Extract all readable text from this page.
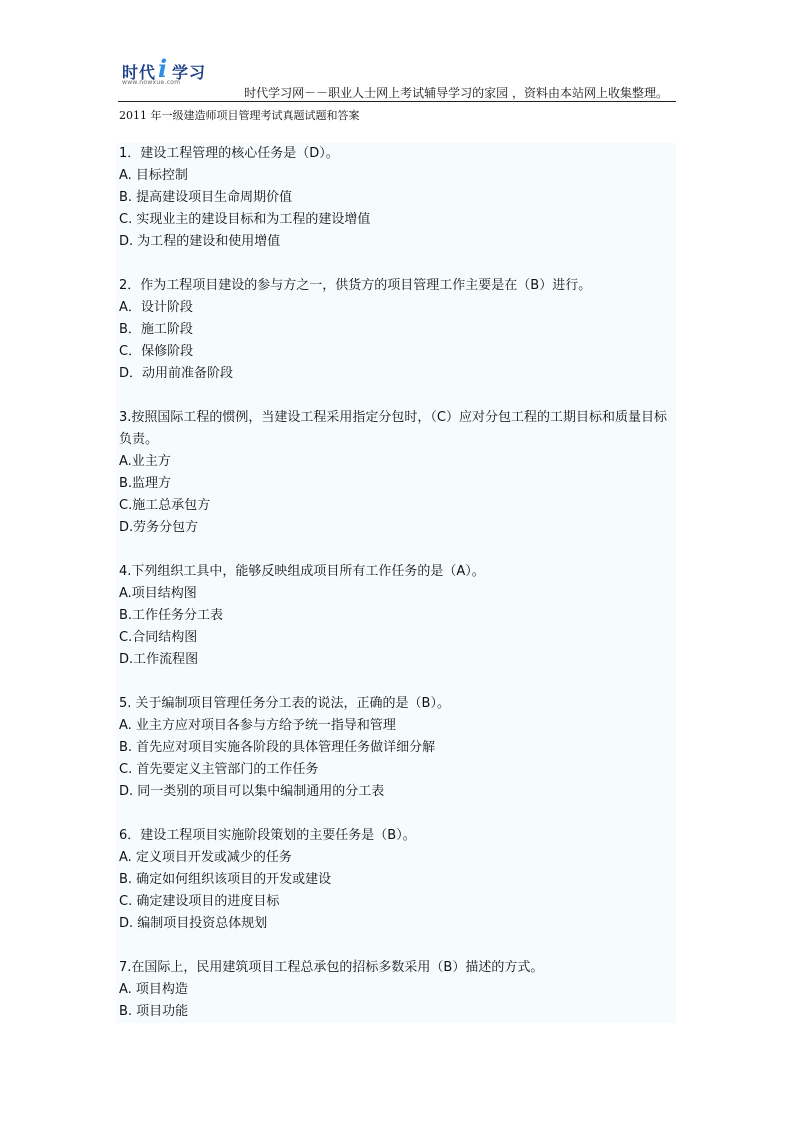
时代 学习
i
www.nowxue.com
时代学习网－－职业人士网上考试辅导学习的家园 ，资料由本站网上收集整理。
2011 年一级建造师项目管理考试真题试题和答案
1．建设工程管理的核心任务是（D）。
A. 目标控制
B. 提高建设项目生命周期价值
C. 实现业主的建设目标和为工程的建设增值
D. 为工程的建设和使用增值
2．作为工程项目建设的参与方之一，供货方的项目管理工作主要是在（B）进行。
A．设计阶段
B．施工阶段
C．保修阶段
D．动用前准备阶段
3.按照国际工程的惯例，当建设工程采用指定分包时，（C）应对分包工程的工期目标和质量目标负责。
A.业主方
B.监理方
C.施工总承包方
D.劳务分包方
4.下列组织工具中，能够反映组成项目所有工作任务的是（A）。
A.项目结构图
B.工作任务分工表
C.合同结构图
D.工作流程图
5. 关于编制项目管理任务分工表的说法，正确的是（B）。
A. 业主方应对项目各参与方给予统一指导和管理
B. 首先应对项目实施各阶段的具体管理任务做详细分解
C. 首先要定义主管部门的工作任务
D. 同一类别的项目可以集中编制通用的分工表
6．建设工程项目实施阶段策划的主要任务是（B）。
A. 定义项目开发或减少的任务
B. 确定如何组织该项目的开发或建设
C. 确定建设项目的进度目标
D. 编制项目投资总体规划
7.在国际上，民用建筑项目工程总承包的招标多数采用（B）描述的方式。
A. 项目构造
B. 项目功能
